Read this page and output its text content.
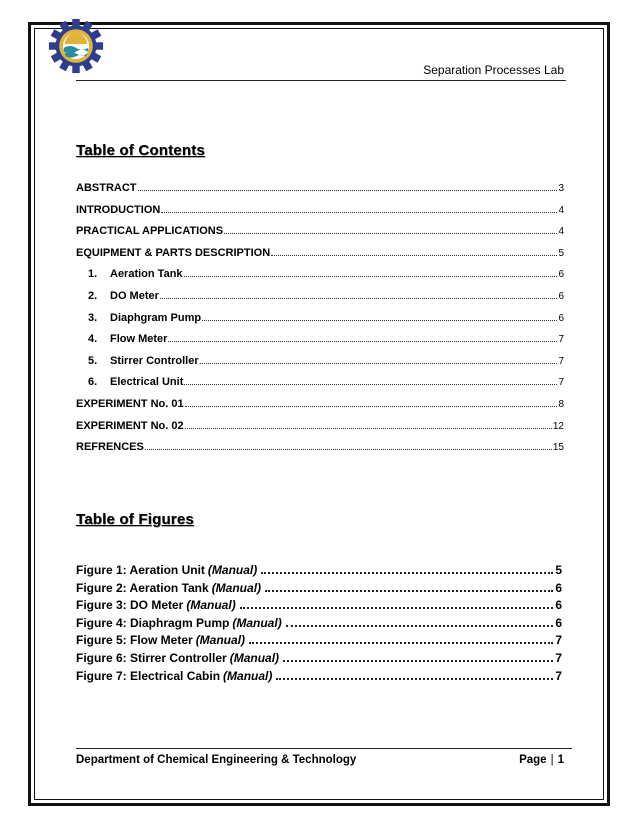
Separation Processes Lab
Table of Contents
ABSTRACT	3
INTRODUCTION	4
PRACTICAL APPLICATIONS	4
EQUIPMENT & PARTS DESCRIPTION	5
1.	Aeration Tank	6
2.	DO Meter	6
3.	Diaphgram Pump	6
4.	Flow Meter	7
5.	Stirrer Controller	7
6.	Electrical Unit	7
EXPERIMENT No. 01	8
EXPERIMENT No. 02	12
REFRENCES	15
Table of Figures
Figure 1: Aeration Unit (Manual)	5
Figure 2: Aeration Tank (Manual)	6
Figure 3: DO Meter (Manual)	6
Figure 4: Diaphragm Pump (Manual)	6
Figure 5: Flow Meter (Manual)	7
Figure 6: Stirrer Controller (Manual)	7
Figure 7: Electrical Cabin (Manual)	7
Department of Chemical Engineering & Technology	Page | 1
